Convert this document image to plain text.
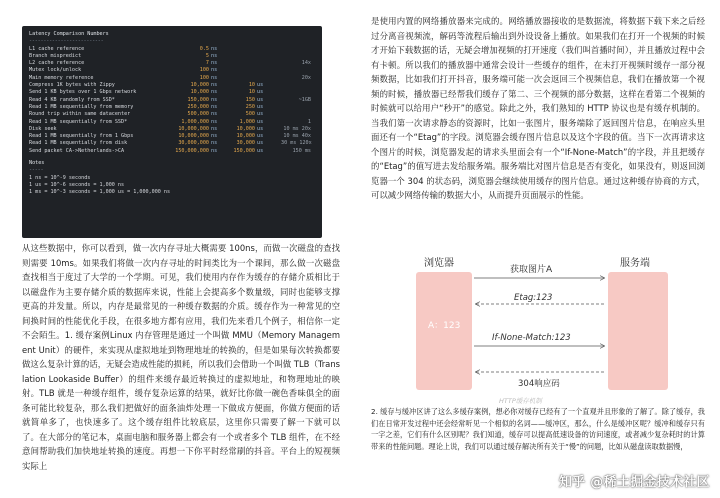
Latency Comparison Numbers
--------------------------
L1 cache reference	0.5 ns
Branch mispredict	5 ns
L2 cache reference	7 ns	14x
Mutex lock/unlock	100 ns
Main memory reference	100 ns	20x
Compress 1K bytes with Zippy	10,000 ns	10 us
Send 1 KB bytes over 1 Gbps network	10,000 ns	10 us
Read 4 KB randomly from SSD*	150,000 ns	150 us	~1GB
Read 1 MB sequentially from memory	250,000 ns	250 us
Round trip within same datacenter	500,000 ns	500 us
Read 1 MB sequentially from SSD*	1,000,000 ns	1,000 us	1
Disk seek	10,000,000 ns	10,000 us	10 ms 20x
Read 1 MB sequentially from 1 Gbps	10,000,000 ns	10,000 us	10 ms 40x
Read 1 MB sequentially from disk	30,000,000 ns	30,000 us	30 ms 120x
Send packet CA->Netherlands->CA	150,000,000 ns	150,000 us	150 ms
Notes
-----
1 ns = 10^-9 seconds
1 us = 10^-6 seconds = 1,000 ns
1 ms = 10^-3 seconds = 1,000 us = 1,000,000 ns
从这些数据中，你可以看到，做一次内存寻址大概需要 100ns，而做一次磁盘的查找则需要 10ms。如果我们将做一次内存寻址的时间类比为一个课间，那么做一次磁盘查找相当于度过了大学的一个学期。可见，我们使用内存作为缓存的存储介质相比于以磁盘作为主要存储介质的数据库来说，性能上会提高多个数量级，同时也能够支撑更高的并发量。所以，内存是最常见的一种缓存数据的介质。缓存作为一种常见的空间换时间的性能优化手段，在很多地方都有应用，我们先来看几个例子，相信你一定不会陌生。1. 缓存案例Linux 内存管理是通过一个叫做 MMU（Memory Management Unit）的硬件，来实现从虚拟地址到物理地址的转换的，但是如果每次转换都要做这么复杂计算的话，无疑会造成性能的损耗，所以我们会借助一个叫做 TLB（Translation Lookaside Buffer）的组件来缓存最近转换过的虚拟地址，和物理地址的映射。TLB 就是一种缓存组件，缓存复杂运算的结果，就好比你做一碗色香味俱全的面条可能比较复杂，那么我们把做好的面条油炸处理一下做成方便面，你做方便面的话就简单多了，也快速多了。这个缓存组件比较底层，这里你只需要了解一下就可以了。在大部分的笔记本，桌面电脑和服务器上都会有一个或者多个 TLB 组件，在不经意间帮助我们加快地址转换的速度。再想一下你平时经常刷的抖音。平台上的短视频实际上
是使用内置的网络播放器来完成的。网络播放器接收的是数据流，将数据下载下来之后经过分离音视频流，解码等流程后输出到外设设备上播放。如果我们在打开一个视频的时候才开始下载数据的话，无疑会增加视频的打开速度（我们叫首播时间），并且播放过程中会有卡顿。所以我们的播放器中通常会设计一些缓存的组件，在未打开视频时缓存一部分视频数据，比如我们打开抖音，服务端可能一次会返回三个视频信息，我们在播放第一个视频的时候，播放器已经帮我们缓存了第二、三个视频的部分数据，这样在看第二个视频的时候就可以给用户“秒开”的感觉。除此之外，我们熟知的 HTTP 协议也是有缓存机制的。当我们第一次请求静态的资源时，比如一张图片，服务端除了返回图片信息，在响应头里面还有一个“Etag”的字段。浏览器会缓存图片信息以及这个字段的值。当下一次再请求这个图片的时候，浏览器发起的请求头里面会有一个“If-None-Match”的字段，并且把缓存的“Etag”的值写进去发给服务端。服务端比对图片信息是否有变化，如果没有，则返回浏览器一个 304 的状态码，浏览器会继续使用缓存的图片信息。通过这种缓存协商的方式，可以减少网络传输的数据大小，从而提升页面展示的性能。
浏览器	服务端
A：123
获取图片A
Etag:123
If-None-Match:123
304响应码
HTTP缓存机制
2. 缓存与缓冲区讲了这么多缓存案例，想必你对缓存已经有了一个直观并且形象的了解了。除了缓存，我们在日常开发过程中还会经常听见一个相似的名词——缓冲区，那么，什么是缓冲区呢？缓冲和缓存只有一字之差，它们有什么区别呢？我们知道，缓存可以提高低速设备的访问速度，或者减少复杂耗时的计算带来的性能问题。理论上说，我们可以通过缓存解决所有关于“慢”的问题，比如从磁盘读取数据慢，
知乎 @稀土掘金技术社区
